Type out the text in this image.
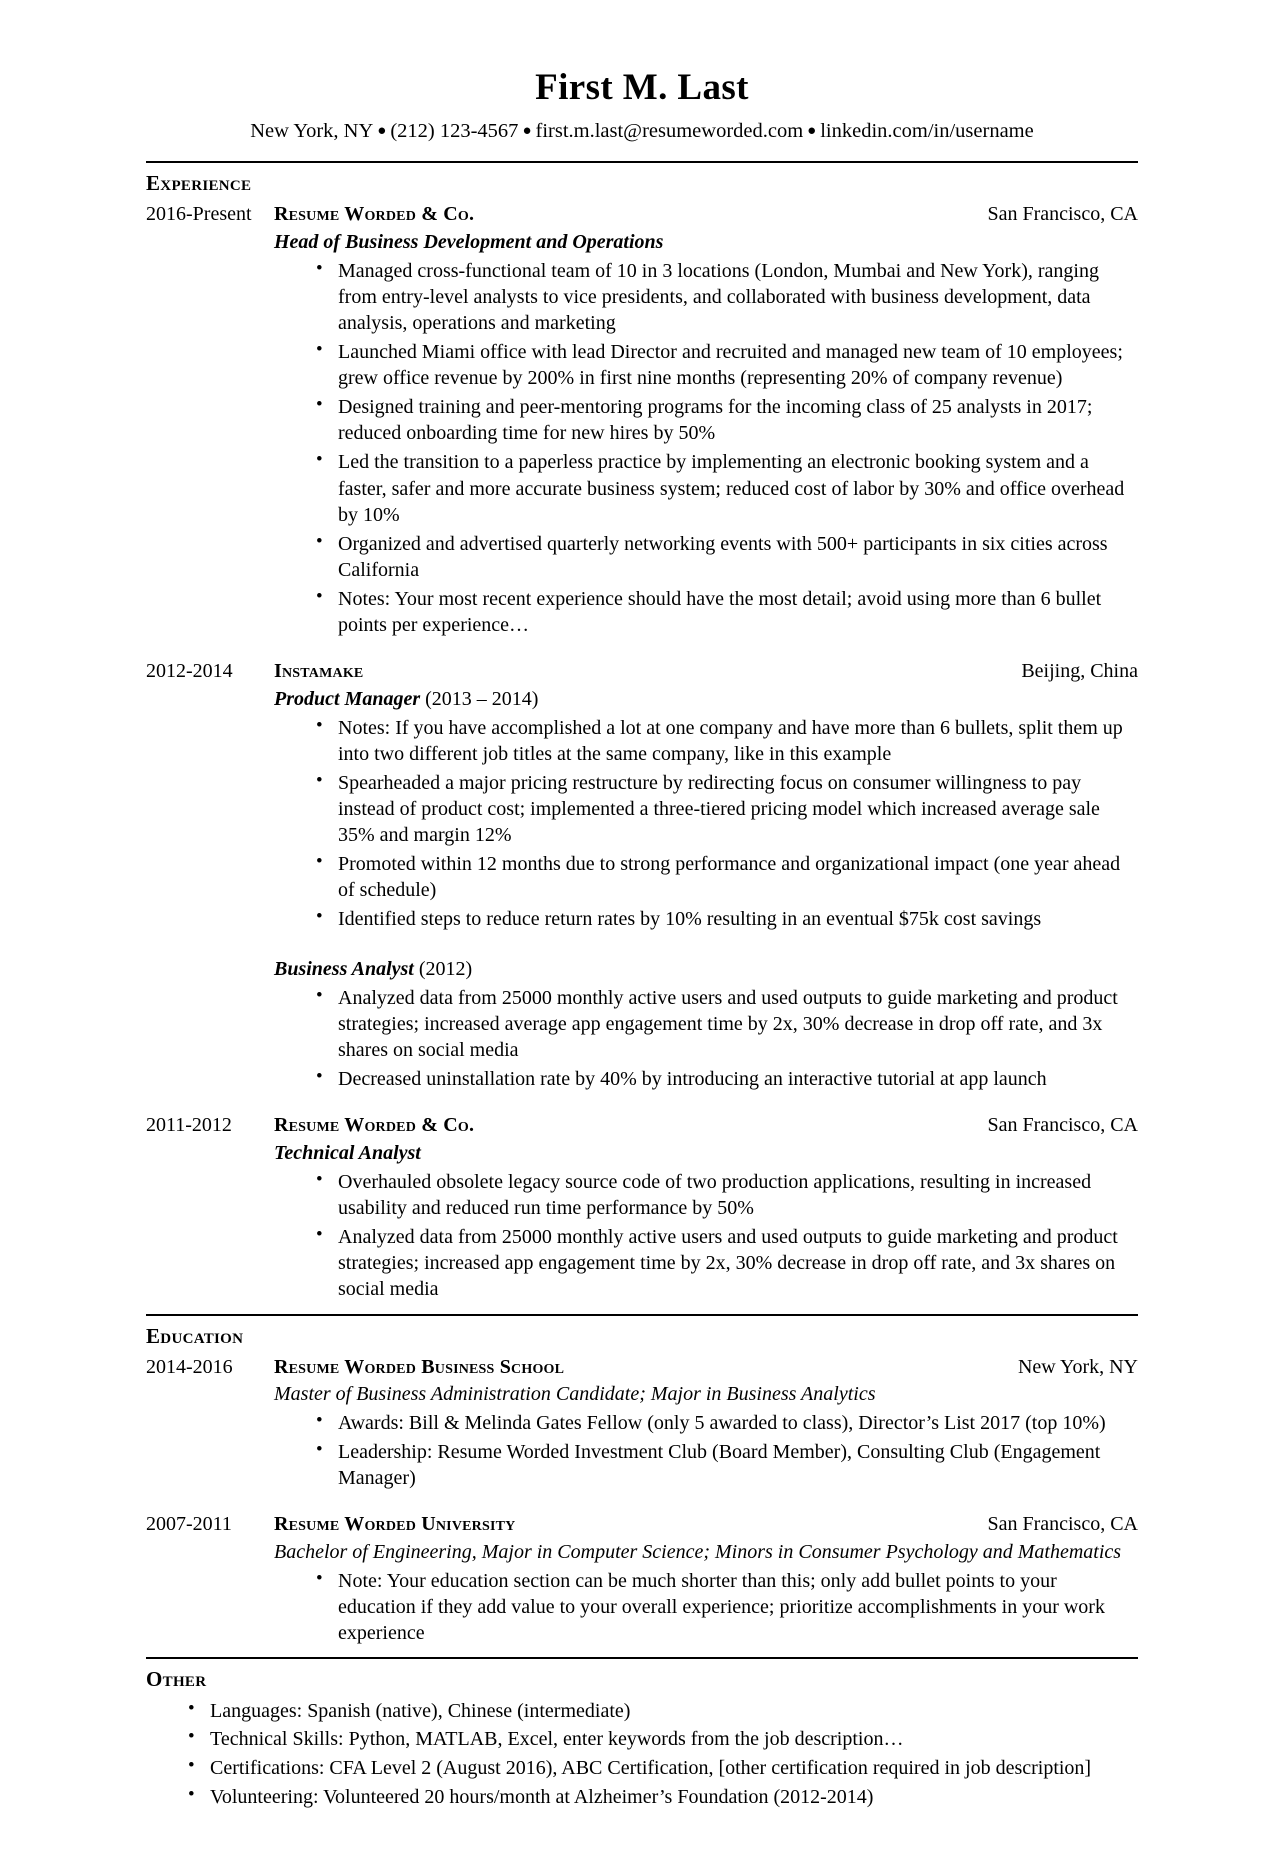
First M. Last
New York, NY ● (212) 123-4567 ● first.m.last@resumeworded.com ● linkedin.com/in/username
Experience
2016-Present	Resume Worded & Co.	San Francisco, CA
Head of Business Development and Operations
• Managed cross-functional team of 10 in 3 locations (London, Mumbai and New York), ranging from entry-level analysts to vice presidents, and collaborated with business development, data analysis, operations and marketing
• Launched Miami office with lead Director and recruited and managed new team of 10 employees; grew office revenue by 200% in first nine months (representing 20% of company revenue)
• Designed training and peer-mentoring programs for the incoming class of 25 analysts in 2017; reduced onboarding time for new hires by 50%
• Led the transition to a paperless practice by implementing an electronic booking system and a faster, safer and more accurate business system; reduced cost of labor by 30% and office overhead by 10%
• Organized and advertised quarterly networking events with 500+ participants in six cities across California
• Notes: Your most recent experience should have the most detail; avoid using more than 6 bullet points per experience…
2012-2014	Instamake	Beijing, China
Product Manager (2013 – 2014)
• Notes: If you have accomplished a lot at one company and have more than 6 bullets, split them up into two different job titles at the same company, like in this example
• Spearheaded a major pricing restructure by redirecting focus on consumer willingness to pay instead of product cost; implemented a three-tiered pricing model which increased average sale 35% and margin 12%
• Promoted within 12 months due to strong performance and organizational impact (one year ahead of schedule)
• Identified steps to reduce return rates by 10% resulting in an eventual $75k cost savings
Business Analyst (2012)
• Analyzed data from 25000 monthly active users and used outputs to guide marketing and product strategies; increased average app engagement time by 2x, 30% decrease in drop off rate, and 3x shares on social media
• Decreased uninstallation rate by 40% by introducing an interactive tutorial at app launch
2011-2012	Resume Worded & Co.	San Francisco, CA
Technical Analyst
• Overhauled obsolete legacy source code of two production applications, resulting in increased usability and reduced run time performance by 50%
• Analyzed data from 25000 monthly active users and used outputs to guide marketing and product strategies; increased app engagement time by 2x, 30% decrease in drop off rate, and 3x shares on social media
Education
2014-2016	Resume Worded Business School	New York, NY
Master of Business Administration Candidate; Major in Business Analytics
• Awards: Bill & Melinda Gates Fellow (only 5 awarded to class), Director’s List 2017 (top 10%)
• Leadership: Resume Worded Investment Club (Board Member), Consulting Club (Engagement Manager)
2007-2011	Resume Worded University	San Francisco, CA
Bachelor of Engineering, Major in Computer Science; Minors in Consumer Psychology and Mathematics
• Note: Your education section can be much shorter than this; only add bullet points to your education if they add value to your overall experience; prioritize accomplishments in your work experience
Other
• Languages: Spanish (native), Chinese (intermediate)
• Technical Skills: Python, MATLAB, Excel, enter keywords from the job description…
• Certifications: CFA Level 2 (August 2016), ABC Certification, [other certification required in job description]
• Volunteering: Volunteered 20 hours/month at Alzheimer’s Foundation (2012-2014)
